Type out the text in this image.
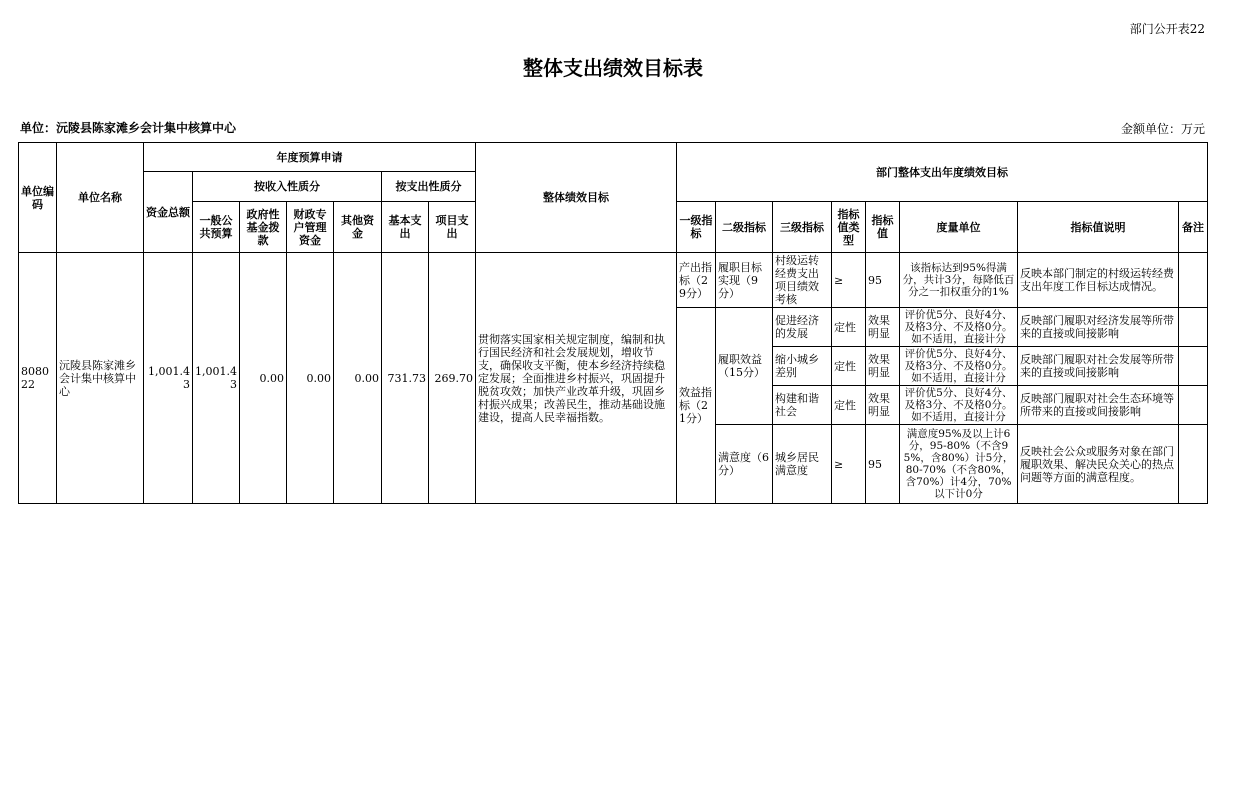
部门公开表22
整体支出绩效目标表
单位：沅陵县陈家滩乡会计集中核算中心	金额单位：万元
单位编码	单位名称	年度预算申请							整体绩效目标	部门整体支出年度绩效目标							
		资金总额	按收入性质分				按支出性质分										
			一般公共预算	政府性基金拨款	财政专户管理资金	其他资金	基本支出	项目支出		一级指标	二级指标	三级指标	指标值类型	指标值	度量单位	指标值说明	备注
808022	沅陵县陈家滩乡会计集中核算中心	1,001.43	1,001.43	0.00	0.00	0.00	731.73	269.70	贯彻落实国家相关规定制度，编制和执行国民经济和社会发展规划，增收节支，确保收支平衡，使本乡经济持续稳定发展；全面推进乡村振兴，巩固提升脱贫攻效；加快产业改革升级，巩固乡村振兴成果；改善民生，推动基础设施建设，提高人民幸福指数。	产出指标（29分）	履职目标实现（9分）	村级运转经费支出项目绩效考核	≥	95	该指标达到95%得满分，共计3分，每降低百分之一扣权重分的1%	反映本部门制定的村级运转经费支出年度工作目标达成情况。	
										效益指标（21分）	履职效益（15分）	促进经济的发展	定性	效果明显	评价优5分、良好4分、及格3分、不及格0分。如不适用，直接计分	反映部门履职对经济发展等所带来的直接或间接影响	
												缩小城乡差别	定性	效果明显	评价优5分、良好4分、及格3分、不及格0分。如不适用，直接计分	反映部门履职对社会发展等所带来的直接或间接影响	
												构建和谐社会	定性	效果明显	评价优5分、良好4分、及格3分、不及格0分。如不适用，直接计分	反映部门履职对社会生态环境等所带来的直接或间接影响	
											满意度（6分）	城乡居民满意度	≥	95	满意度95%及以上计6分，95-80%（不含95%，含80%）计5分，80-70%（不含80%，含70%）计4分，70%以下计0分	反映社会公众或服务对象在部门履职效果、解决民众关心的热点问题等方面的满意程度。	
